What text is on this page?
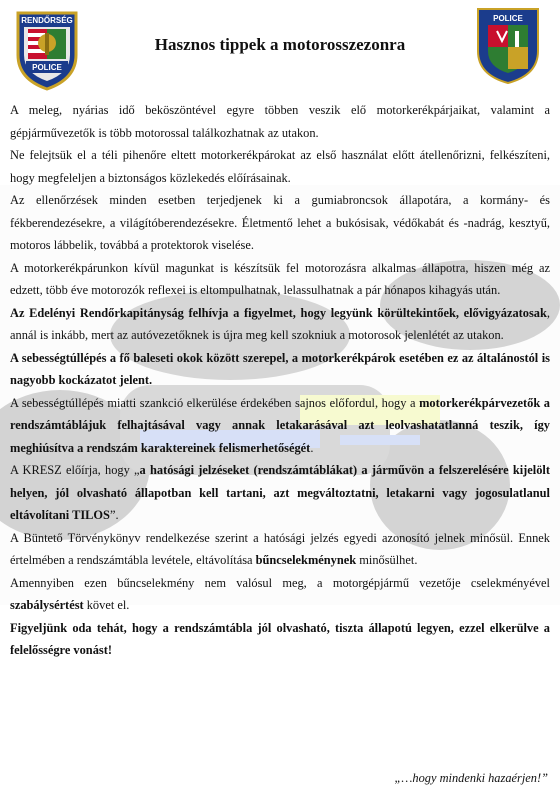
RENDŐRSÉG
POLICE
Hasznos tippek a motorosszezonra
POLICE

A meleg, nyárias idő beköszöntével egyre többen veszik elő motorkerékpárjaikat, valamint a gépjárművezetők is több motorossal találkozhatnak az utakon.

Ne felejtsük el a téli pihenőre eltett motorkerékpárokat az első használat előtt átellenőrizni, felkészíteni, hogy megfeleljen a biztonságos közlekedés előírásainak.

Az ellenőrzések minden esetben terjedjenek ki a gumiabroncsok állapotára, a kormány- és fékberendezésekre, a világítóberendezésekre. Életmentő lehet a bukósisak, védőkabát és -nadrág, kesztyű, motoros lábbelik, továbbá a protektorok viselése.

A motorkerékpárunkon kívül magunkat is készítsük fel motorozásra alkalmas állapotra, hiszen még az edzett, több éve motorozók reflexei is eltompulhatnak, lelassulhatnak a pár hónapos kihagyás után.

Az Edelényi Rendőrkapitányság felhívja a figyelmet, hogy legyünk körültekintőek, elővigyázatosak, annál is inkább, mert az autóvezetőknek is újra meg kell szokniuk a motorosok jelenlétét az utakon.

A sebességtúllépés a fő baleseti okok között szerepel, a motorkerékpárok esetében ez az általánostól is nagyobb kockázatot jelent.

A sebességtúllépés miatti szankció elkerülése érdekében sajnos előfordul, hogy a motorkerékpárvezetők a rendszámtáblájuk felhajtásával vagy annak letakarásával azt leolvashatatlanná teszik, így meghiúsítva a rendszám karaktereinek felismerhetőségét.

A KRESZ előírja, hogy „a hatósági jelzéseket (rendszámtáblákat) a járművön a felszerelésére kijelölt helyen, jól olvasható állapotban kell tartani, azt megváltoztatni, letakarni vagy jogosulatlanul eltávolítani TILOS”.

A Büntető Törvénykönyv rendelkezése szerint a hatósági jelzés egyedi azonosító jelnek minősül. Ennek értelmében a rendszámtábla levétele, eltávolítása bűncselekménynek minősülhet.

Amennyiben ezen bűncselekmény nem valósul meg, a motorgépjármű vezetője cselekményével szabálysértést követ el.

Figyeljünk oda tehát, hogy a rendszámtábla jól olvasható, tiszta állapotú legyen, ezzel elkerülve a felelősségre vonást!

„…hogy mindenki hazaérjen!”
